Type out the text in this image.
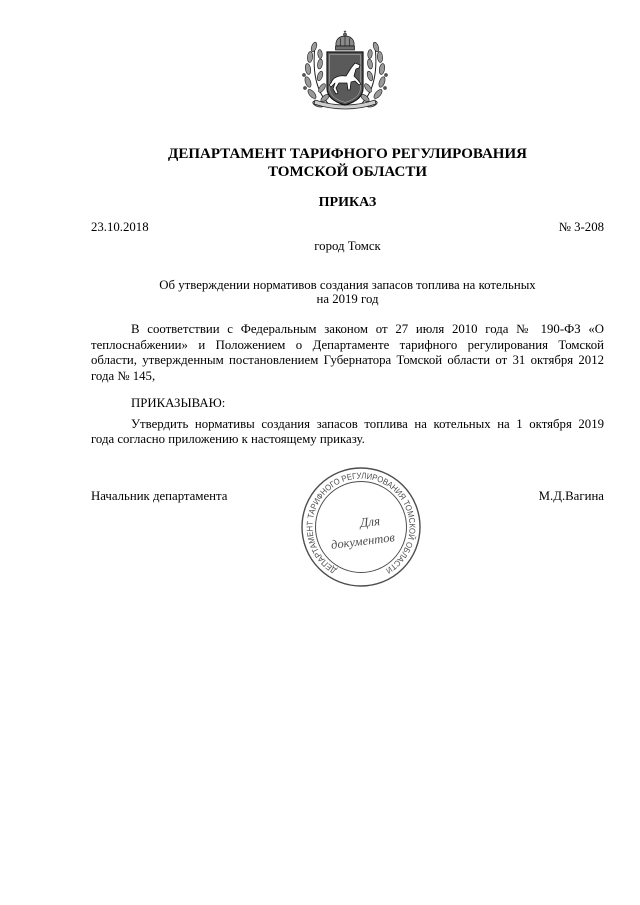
ДЕПАРТАМЕНТ ТАРИФНОГО РЕГУЛИРОВАНИЯ
ТОМСКОЙ ОБЛАСТИ
ПРИКАЗ
23.10.2018	№ 3-208
город Томск
Об утверждении нормативов создания запасов топлива на котельных
на 2019 год
В соответствии с Федеральным законом от 27 июля 2010 года № 190-ФЗ «О
теплоснабжении» и Положением о Департаменте тарифного регулирования Томской
области, утвержденным постановлением Губернатора Томской области от 31 октября 2012
года № 145,
ПРИКАЗЫВАЮ:
Утвердить нормативы создания запасов топлива на котельных на 1 октября 2019
года согласно приложению к настоящему приказу.
Начальник департамента	М.Д.Вагина
ДЕПАРТАМЕНТ ТАРИФНОГО РЕГУЛИРОВАНИЯ ТОМСКОЙ ОБЛАСТИ
Для
документов
